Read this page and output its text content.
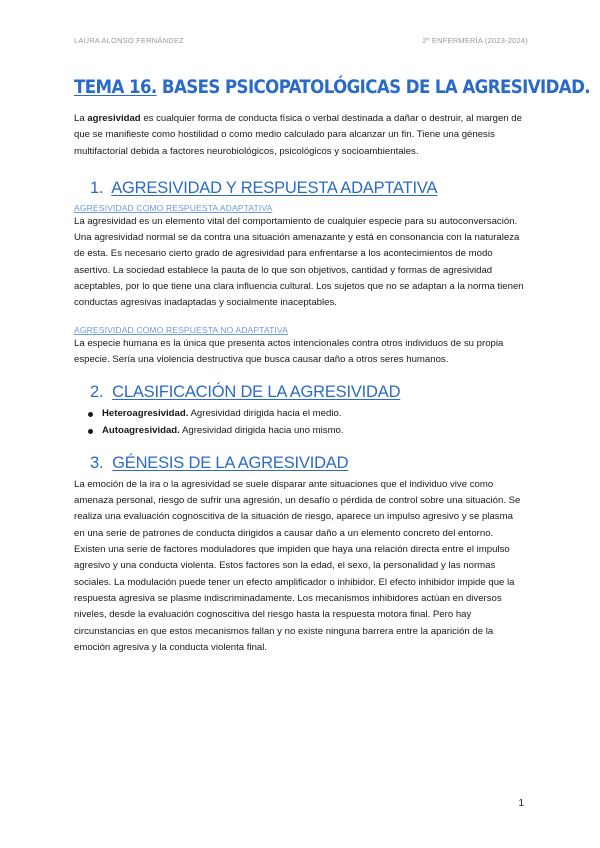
LAURA ALONSO FERNÁNDEZ	2º ENFERMERÍA (2023-2024)
TEMA 16. BASES PSICOPATOLÓGICAS DE LA AGRESIVIDAD.

La agresividad es cualquier forma de conducta física o verbal destinada a dañar o destruir, al margen de que se manifieste como hostilidad o como medio calculado para alcanzar un fin. Tiene una génesis multifactorial debida a factores neurobiológicos, psicológicos y socioambientales.

1. AGRESIVIDAD Y RESPUESTA ADAPTATIVA
AGRESIVIDAD COMO RESPUESTA ADAPTATIVA

La agresividad es un elemento vital del comportamiento de cualquier especie para su autoconversación. Una agresividad normal se da contra una situación amenazante y está en consonancia con la naturaleza de esta. Es necesario cierto grado de agresividad para enfrentarse a los acontecimientos de modo asertivo. La sociedad establece la pauta de lo que son objetivos, cantidad y formas de agresividad aceptables, por lo que tiene una clara influencia cultural. Los sujetos que no se adaptan a la norma tienen conductas agresivas inadaptadas y socialmente inaceptables.

AGRESIVIDAD COMO RESPUESTA NO ADAPTATIVA

La especie humana es la única que presenta actos intencionales contra otros individuos de su propia especie. Sería una violencia destructiva que busca causar daño a otros seres humanos.

2. CLASIFICACIÓN DE LA AGRESIVIDAD
Heteroagresividad. Agresividad dirigida hacia el medio.
Autoagresividad. Agresividad dirigida hacia uno mismo.
3. GÉNESIS DE LA AGRESIVIDAD

La emoción de la ira o la agresividad se suele disparar ante situaciones que el individuo vive como amenaza personal, riesgo de sufrir una agresión, un desafío o pérdida de control sobre una situación. Se realiza una evaluación cognoscitiva de la situación de riesgo, aparece un impulso agresivo y se plasma en una serie de patrones de conducta dirigidos a causar daño a un elemento concreto del entorno.

Existen una serie de factores moduladores que impiden que haya una relación directa entre el impulso agresivo y una conducta violenta. Estos factores son la edad, el sexo, la personalidad y las normas sociales. La modulación puede tener un efecto amplificador o inhibidor. El efecto inhibidor impide que la respuesta agresiva se plasme indiscriminadamente. Los mecanismos inhibidores actúan en diversos niveles, desde la evaluación cognoscitiva del riesgo hasta la respuesta motora final. Pero hay circunstancias en que estos mecanismos fallan y no existe ninguna barrera entre la aparición de la emoción agresiva y la conducta violenta final.

1
